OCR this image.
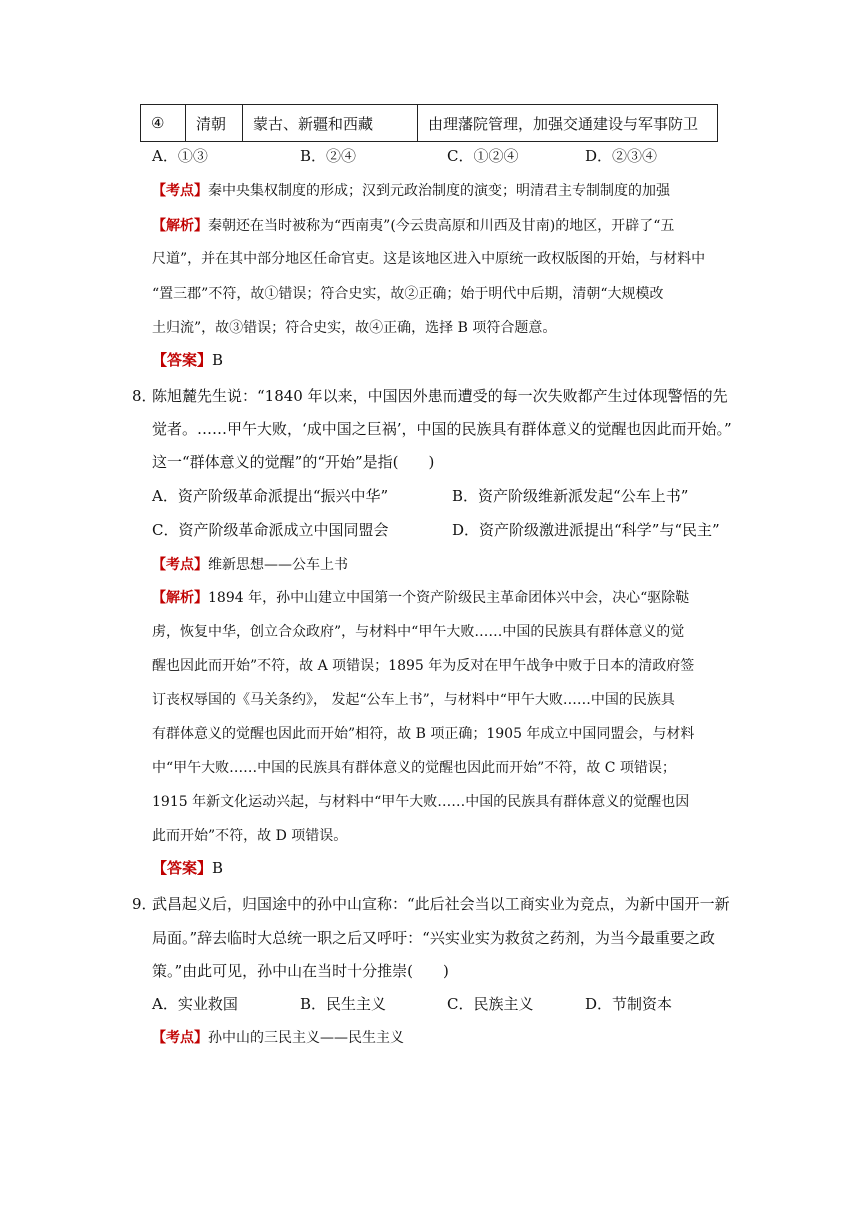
④	清朝	蒙古、新疆和西藏	由理藩院管理，加强交通建设与军事防卫
A．①③	B．②④	C．①②④	D．②③④
【考点】秦中央集权制度的形成；汉到元政治制度的演变；明清君主专制制度的加强
【解析】秦朝还在当时被称为“西南夷”(今云贵高原和川西及甘南)的地区，开辟了“五
尺道”，并在其中部分地区任命官吏。这是该地区进入中原统一政权版图的开始，与材料中
“置三郡”不符，故①错误；符合史实，故②正确；始于明代中后期，清朝“大规模改
土归流”，故③错误；符合史实，故④正确，选择 B 项符合题意。
【答案】B
8．
陈旭麓先生说：“1840 年以来，中国因外患而遭受的每一次失败都产生过体现警悟的先
觉者。……甲午大败，‘成中国之巨祸’，中国的民族具有群体意义的觉醒也因此而开始。”
这一“群体意义的觉醒”的“开始”是指(　　)
A．资产阶级革命派提出“振兴中华”	B．资产阶级维新派发起“公车上书”
C．资产阶级革命派成立中国同盟会	D．资产阶级激进派提出“科学”与“民主”
【考点】维新思想——公车上书
【解析】1894 年，孙中山建立中国第一个资产阶级民主革命团体兴中会，决心“驱除鞑
虏，恢复中华，创立合众政府”，与材料中“甲午大败……中国的民族具有群体意义的觉
醒也因此而开始”不符，故 A 项错误；1895 年为反对在甲午战争中败于日本的清政府签
订丧权辱国的《马关条约》， 发起“公车上书”，与材料中“甲午大败……中国的民族具
有群体意义的觉醒也因此而开始”相符，故 B 项正确；1905 年成立中国同盟会，与材料
中“甲午大败……中国的民族具有群体意义的觉醒也因此而开始”不符，故 C 项错误；
1915 年新文化运动兴起，与材料中“甲午大败……中国的民族具有群体意义的觉醒也因
此而开始”不符，故 D 项错误。
【答案】B
9．
武昌起义后，归国途中的孙中山宣称：“此后社会当以工商实业为竞点，为新中国开一新
局面。”辞去临时大总统一职之后又呼吁：“兴实业实为救贫之药剂，为当今最重要之政
策。”由此可见，孙中山在当时十分推崇(　　)
A．实业救国	B．民生主义	C．民族主义	D．节制资本
【考点】孙中山的三民主义——民生主义
